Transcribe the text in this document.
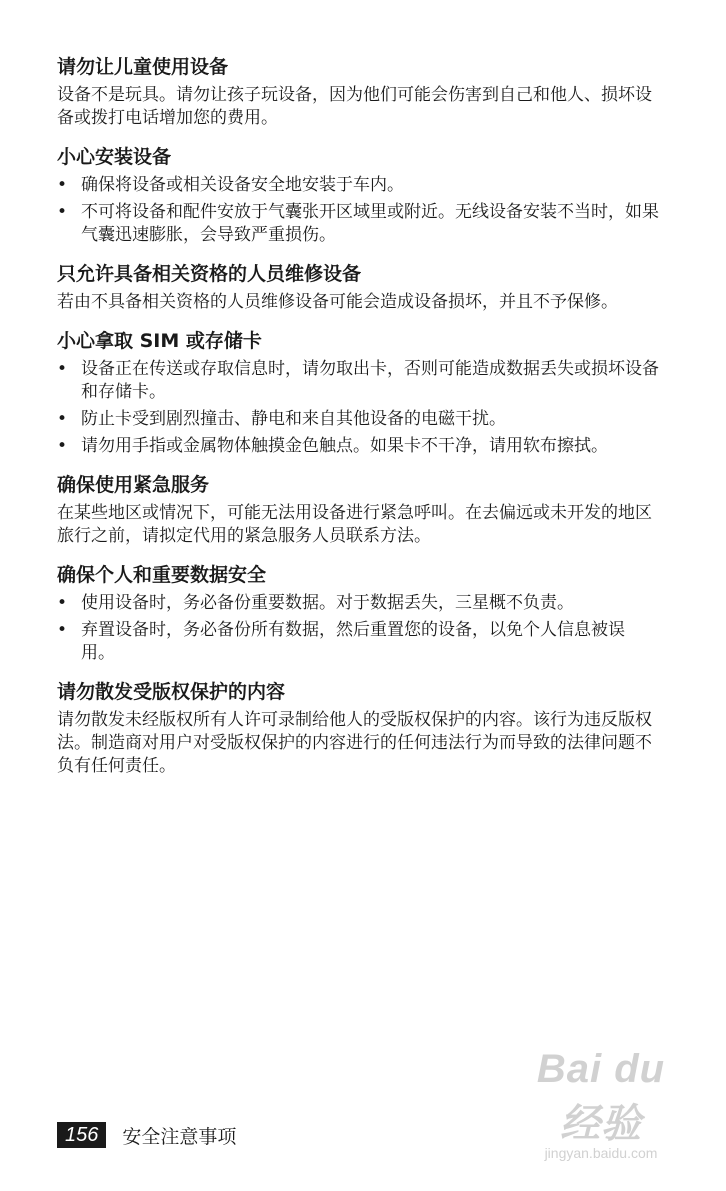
请勿让儿童使用设备

设备不是玩具。请勿让孩子玩设备，因为他们可能会伤害到自己和他人、损坏设备或拨打电话增加您的费用。

小心安装设备
• 确保将设备或相关设备安全地安装于车内。
• 不可将设备和配件安放于气囊张开区域里或附近。无线设备安装不当时，如果气囊迅速膨胀，会导致严重损伤。
只允许具备相关资格的人员维修设备

若由不具备相关资格的人员维修设备可能会造成设备损坏，并且不予保修。

小心拿取 SIM 或存储卡
• 设备正在传送或存取信息时，请勿取出卡，否则可能造成数据丢失或损坏设备和存储卡。
• 防止卡受到剧烈撞击、静电和来自其他设备的电磁干扰。
• 请勿用手指或金属物体触摸金色触点。如果卡不干净，请用软布擦拭。
确保使用紧急服务

在某些地区或情况下，可能无法用设备进行紧急呼叫。在去偏远或未开发的地区旅行之前，请拟定代用的紧急服务人员联系方法。

确保个人和重要数据安全
• 使用设备时，务必备份重要数据。对于数据丢失，三星概不负责。
• 弃置设备时，务必备份所有数据，然后重置您的设备，以免个人信息被误用。
请勿散发受版权保护的内容

请勿散发未经版权所有人许可录制给他人的受版权保护的内容。该行为违反版权法。制造商对用户对受版权保护的内容进行的任何违法行为而导致的法律问题不负有任何责任。

156	安全注意事项
Bai du 经验
jingyan.baidu.com
